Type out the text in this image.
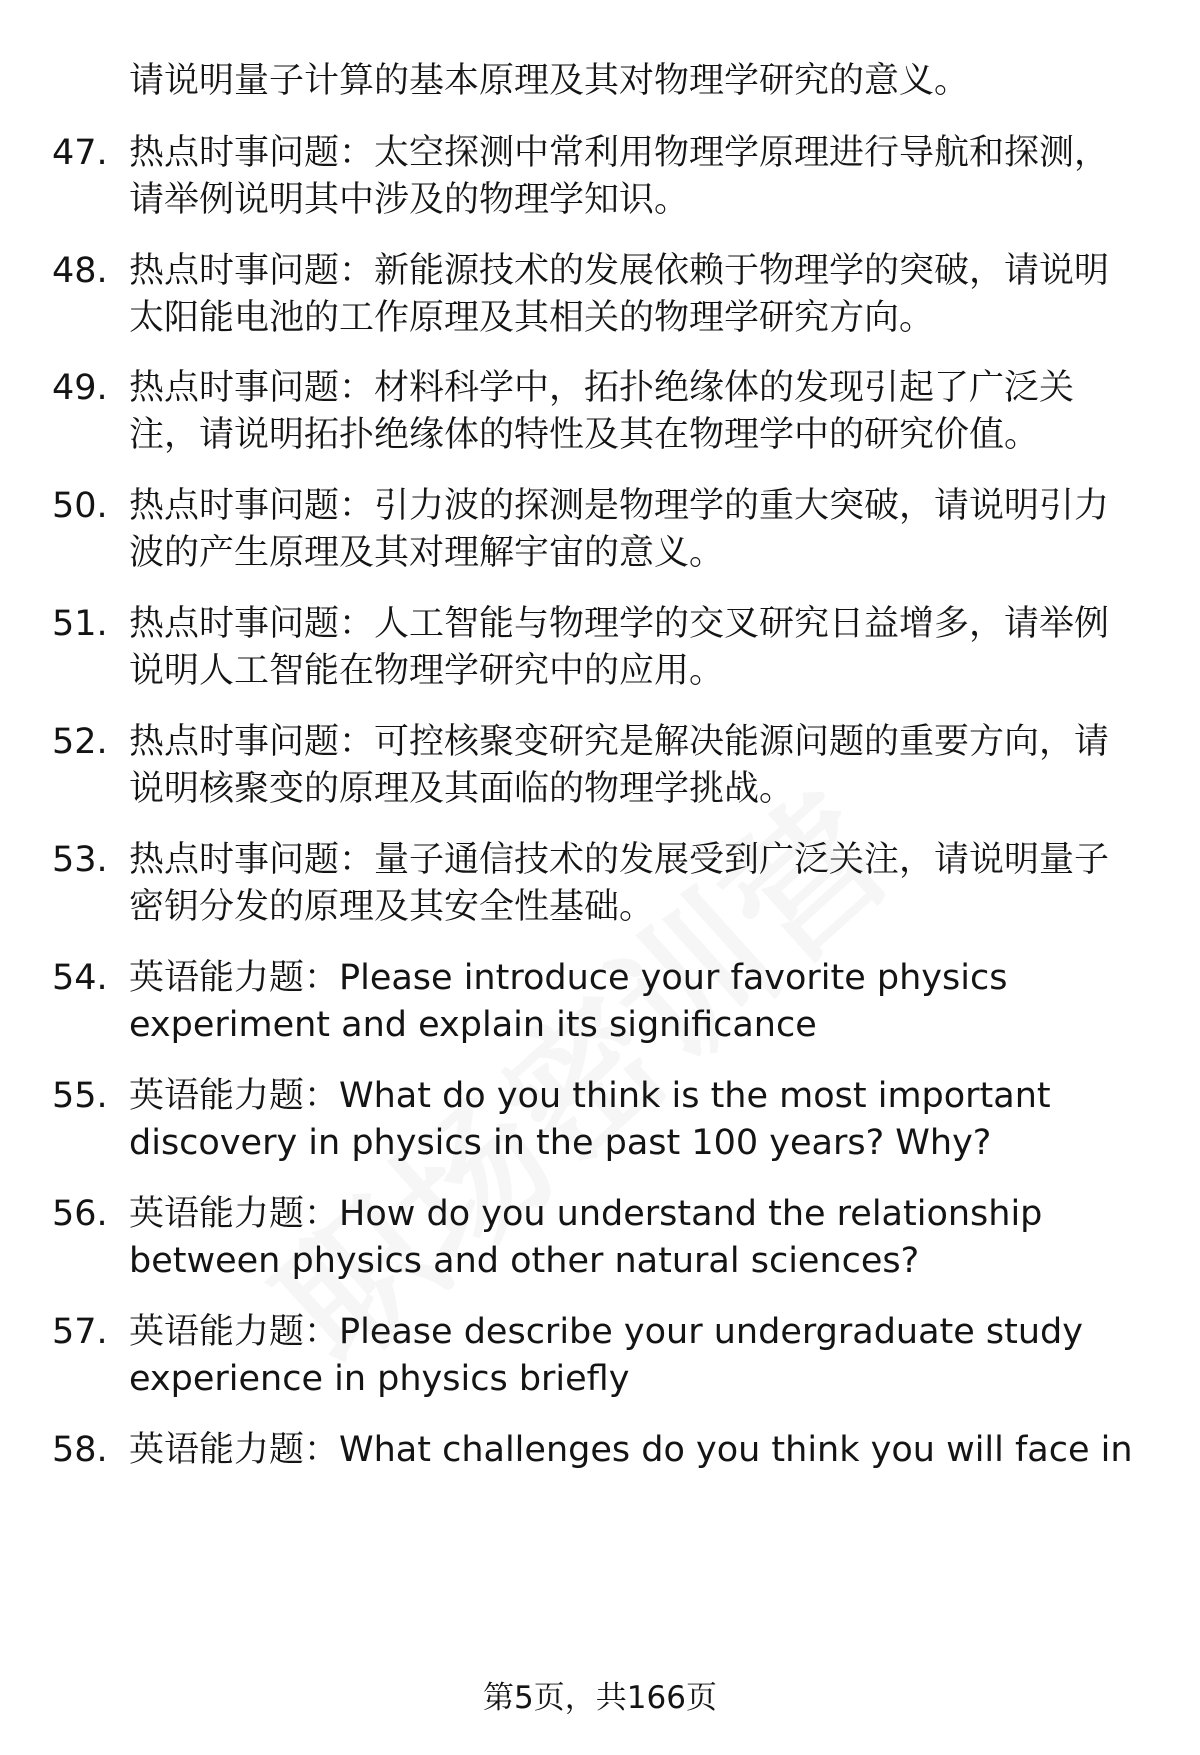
请说明量子计算的基本原理及其对物理学研究的意义。
47. 热点时事问题：太空探测中常利用物理学原理进行导航和探测，
请举例说明其中涉及的物理学知识。
48. 热点时事问题：新能源技术的发展依赖于物理学的突破，请说明
太阳能电池的工作原理及其相关的物理学研究方向。
49. 热点时事问题：材料科学中，拓扑绝缘体的发现引起了广泛关
注，请说明拓扑绝缘体的特性及其在物理学中的研究价值。
50. 热点时事问题：引力波的探测是物理学的重大突破，请说明引力
波的产生原理及其对理解宇宙的意义。
51. 热点时事问题：人工智能与物理学的交叉研究日益增多，请举例
说明人工智能在物理学研究中的应用。
52. 热点时事问题：可控核聚变研究是解决能源问题的重要方向，请
说明核聚变的原理及其面临的物理学挑战。
53. 热点时事问题：量子通信技术的发展受到广泛关注，请说明量子
密钥分发的原理及其安全性基础。
54. 英语能力题：Please introduce your favorite physics
experiment and explain its significance
55. 英语能力题：What do you think is the most important
discovery in physics in the past 100 years? Why?
56. 英语能力题：How do you understand the relationship
between physics and other natural sciences?
57. 英语能力题：Please describe your undergraduate study
experience in physics briefly
58. 英语能力题：What challenges do you think you will face in
第5页，共166页
